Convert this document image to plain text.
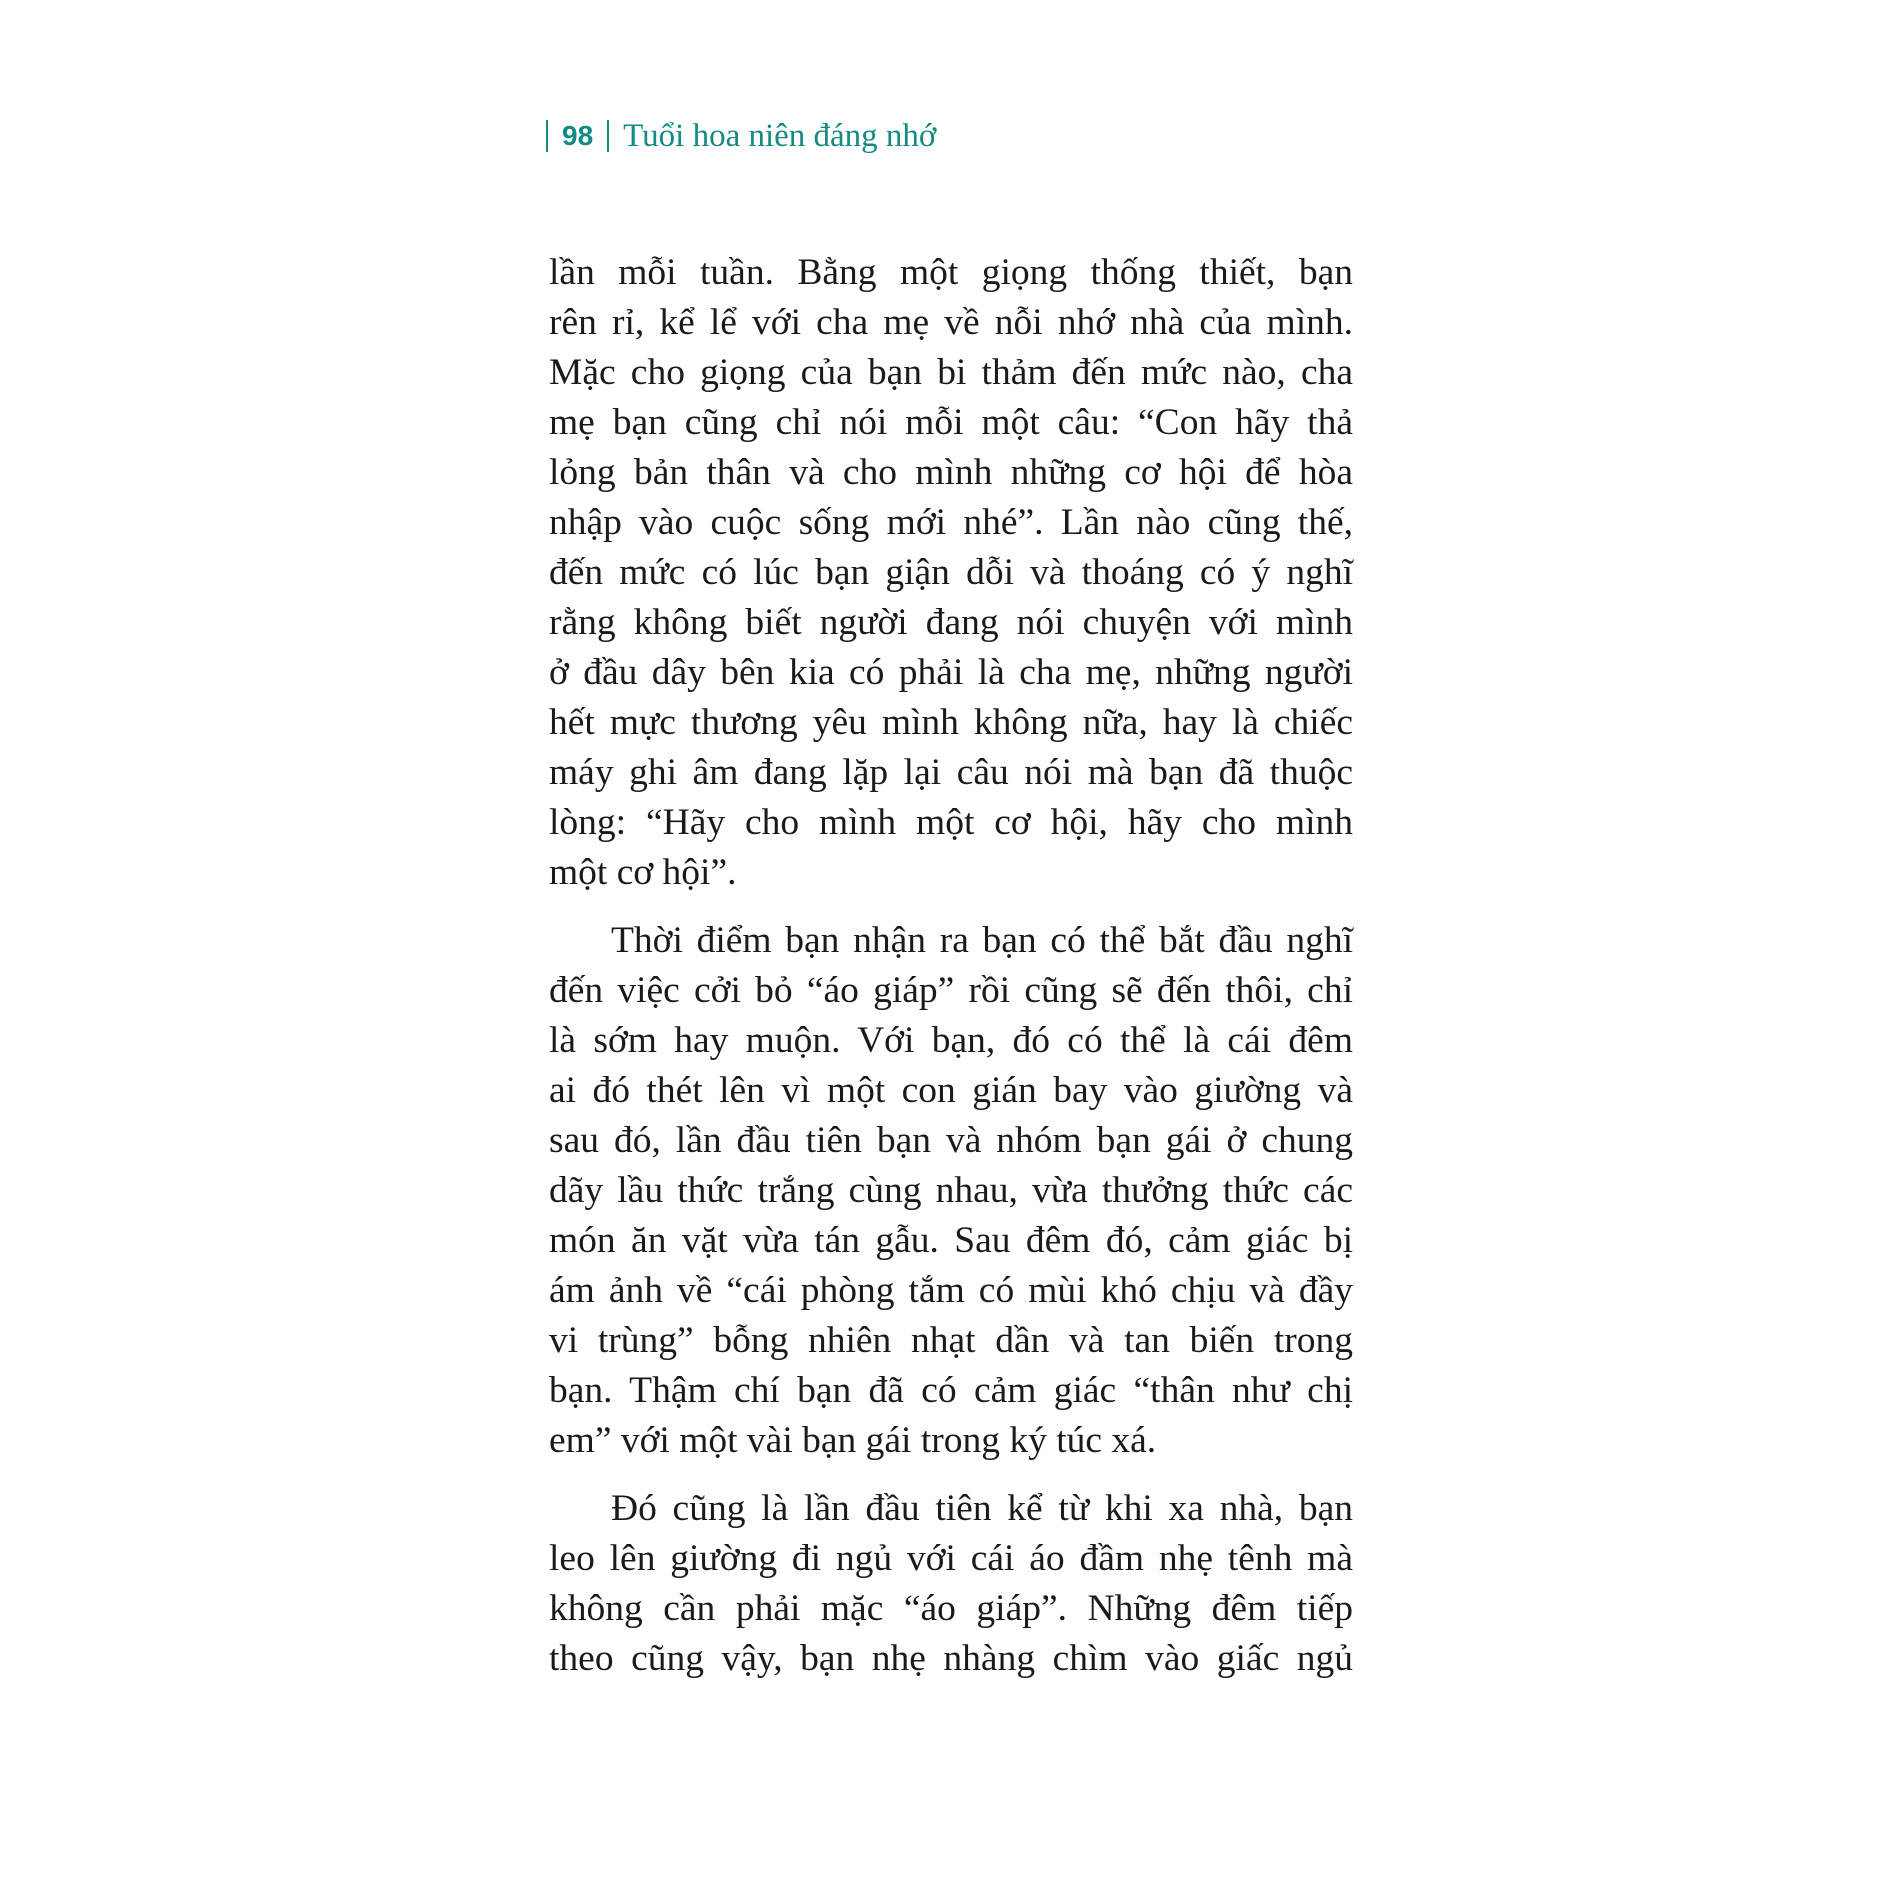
98 Tuổi hoa niên đáng nhớ

lần mỗi tuần. Bằng một giọng thống thiết, bạn
rên rỉ, kể lể với cha mẹ về nỗi nhớ nhà của mình.
Mặc cho giọng của bạn bi thảm đến mức nào, cha
mẹ bạn cũng chỉ nói mỗi một câu: “Con hãy thả
lỏng bản thân và cho mình những cơ hội để hòa
nhập vào cuộc sống mới nhé”. Lần nào cũng thế,
đến mức có lúc bạn giận dỗi và thoáng có ý nghĩ
rằng không biết người đang nói chuyện với mình
ở đầu dây bên kia có phải là cha mẹ, những người
hết mực thương yêu mình không nữa, hay là chiếc
máy ghi âm đang lặp lại câu nói mà bạn đã thuộc
lòng: “Hãy cho mình một cơ hội, hãy cho mình
một cơ hội”.

Thời điểm bạn nhận ra bạn có thể bắt đầu nghĩ
đến việc cởi bỏ “áo giáp” rồi cũng sẽ đến thôi, chỉ
là sớm hay muộn. Với bạn, đó có thể là cái đêm
ai đó thét lên vì một con gián bay vào giường và
sau đó, lần đầu tiên bạn và nhóm bạn gái ở chung
dãy lầu thức trắng cùng nhau, vừa thưởng thức các
món ăn vặt vừa tán gẫu. Sau đêm đó, cảm giác bị
ám ảnh về “cái phòng tắm có mùi khó chịu và đầy
vi trùng” bỗng nhiên nhạt dần và tan biến trong
bạn. Thậm chí bạn đã có cảm giác “thân như chị
em” với một vài bạn gái trong ký túc xá.

Đó cũng là lần đầu tiên kể từ khi xa nhà, bạn
leo lên giường đi ngủ với cái áo đầm nhẹ tênh mà
không cần phải mặc “áo giáp”. Những đêm tiếp
theo cũng vậy, bạn nhẹ nhàng chìm vào giấc ngủ
